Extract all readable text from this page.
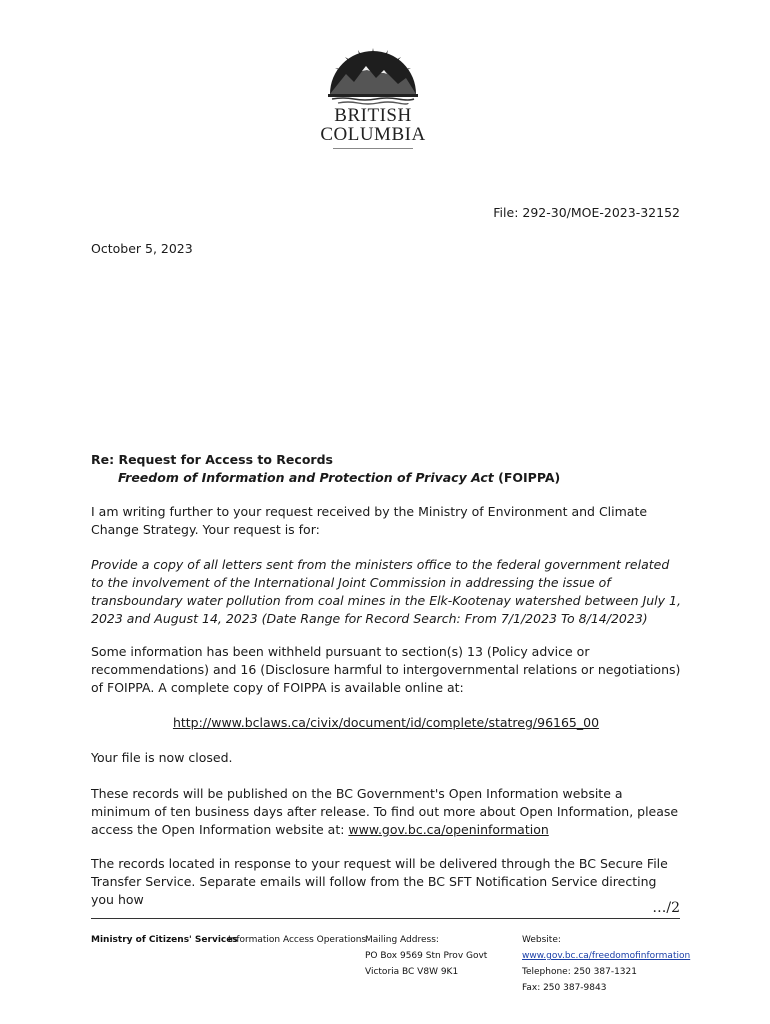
BRITISH
COLUMBIA
File: 292-30/MOE-2023-32152
October 5, 2023
Re: Request for Access to Records
Freedom of Information and Protection of Privacy Act (FOIPPA)
I am writing further to your request received by the Ministry of Environment and Climate Change Strategy. Your request is for:
Provide a copy of all letters sent from the ministers office to the federal government related to the involvement of the International Joint Commission in addressing the issue of transboundary water pollution from coal mines in the Elk-Kootenay watershed between July 1, 2023 and August 14, 2023 (Date Range for Record Search: From 7/1/2023 To 8/14/2023)
Some information has been withheld pursuant to section(s) 13 (Policy advice or recommendations) and 16 (Disclosure harmful to intergovernmental relations or negotiations) of FOIPPA. A complete copy of FOIPPA is available online at:
http://www.bclaws.ca/civix/document/id/complete/statreg/96165_00
Your file is now closed.
These records will be published on the BC Government's Open Information website a minimum of ten business days after release. To find out more about Open Information, please access the Open Information website at: www.gov.bc.ca/openinformation
The records located in response to your request will be delivered through the BC Secure File Transfer Service. Separate emails will follow from the BC SFT Notification Service directing you how
…/2
Ministry of Citizens' Services
Information Access Operations
Mailing Address:
PO Box 9569 Stn Prov Govt
Victoria BC V8W 9K1
Website:
www.gov.bc.ca/freedomofinformation
Telephone: 250 387-1321
Fax: 250 387-9843
